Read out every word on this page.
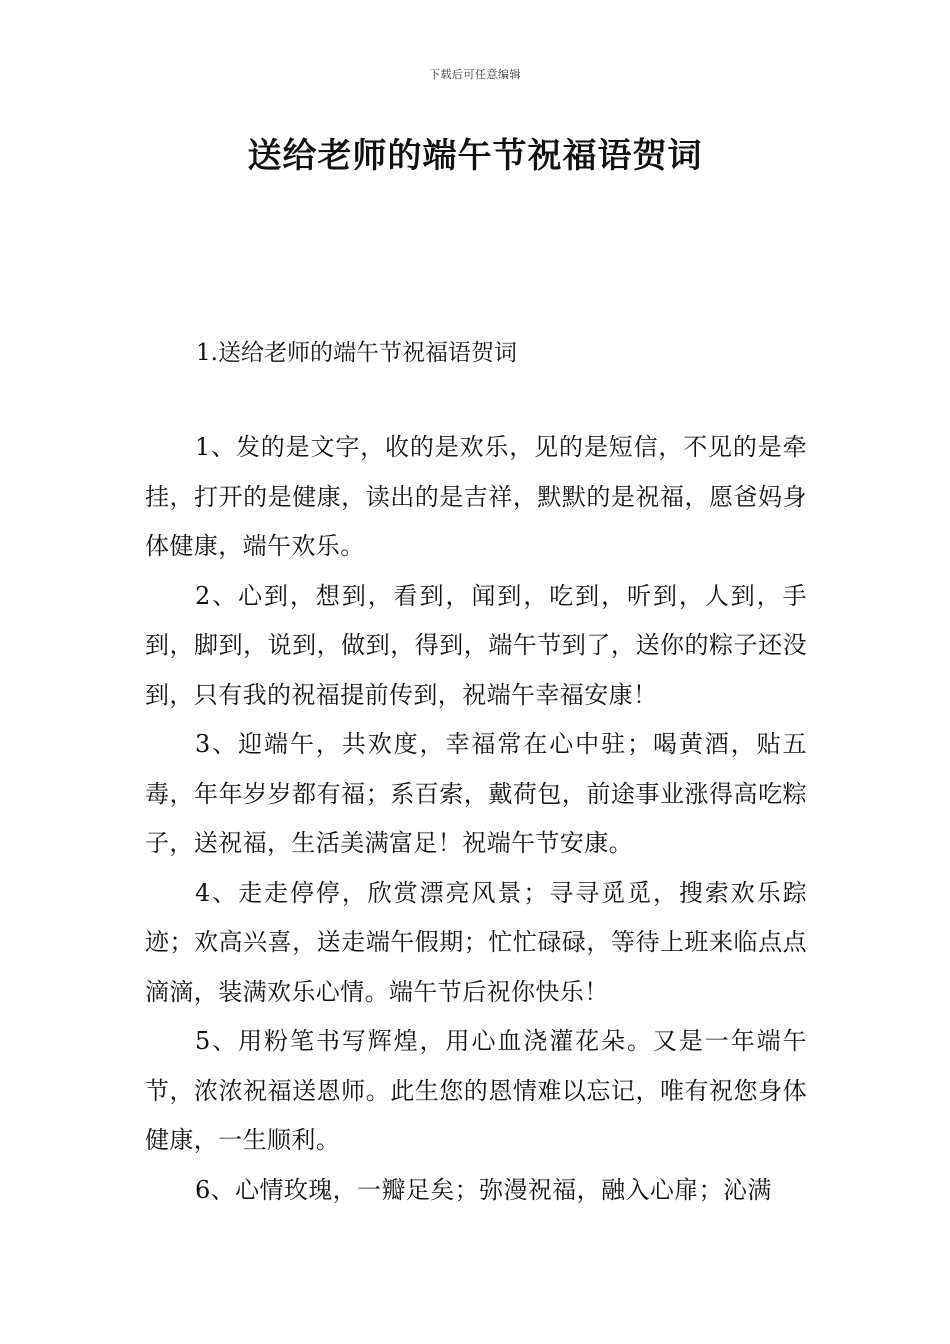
下载后可任意编辑
送给老师的端午节祝福语贺词
1.送给老师的端午节祝福语贺词

1、发的是文字，收的是欢乐，见的是短信，不见的是牵挂，打开的是健康，读出的是吉祥，默默的是祝福，愿爸妈身体健康，端午欢乐。

2、心到，想到，看到，闻到，吃到，听到，人到，手到，脚到，说到，做到，得到，端午节到了，送你的粽子还没到，只有我的祝福提前传到，祝端午幸福安康！

3、迎端午，共欢度，幸福常在心中驻；喝黄酒，贴五毒，年年岁岁都有福；系百索，戴荷包，前途事业涨得高吃粽子，送祝福，生活美满富足！祝端午节安康。

4、走走停停，欣赏漂亮风景；寻寻觅觅，搜索欢乐踪迹；欢高兴喜，送走端午假期；忙忙碌碌，等待上班来临点点滴滴，装满欢乐心情。端午节后祝你快乐！

5、用粉笔书写辉煌，用心血浇灌花朵。又是一年端午节，浓浓祝福送恩师。此生您的恩情难以忘记，唯有祝您身体健康，一生顺利。

6、心情玫瑰，一瓣足矣；弥漫祝福，融入心扉；沁满
